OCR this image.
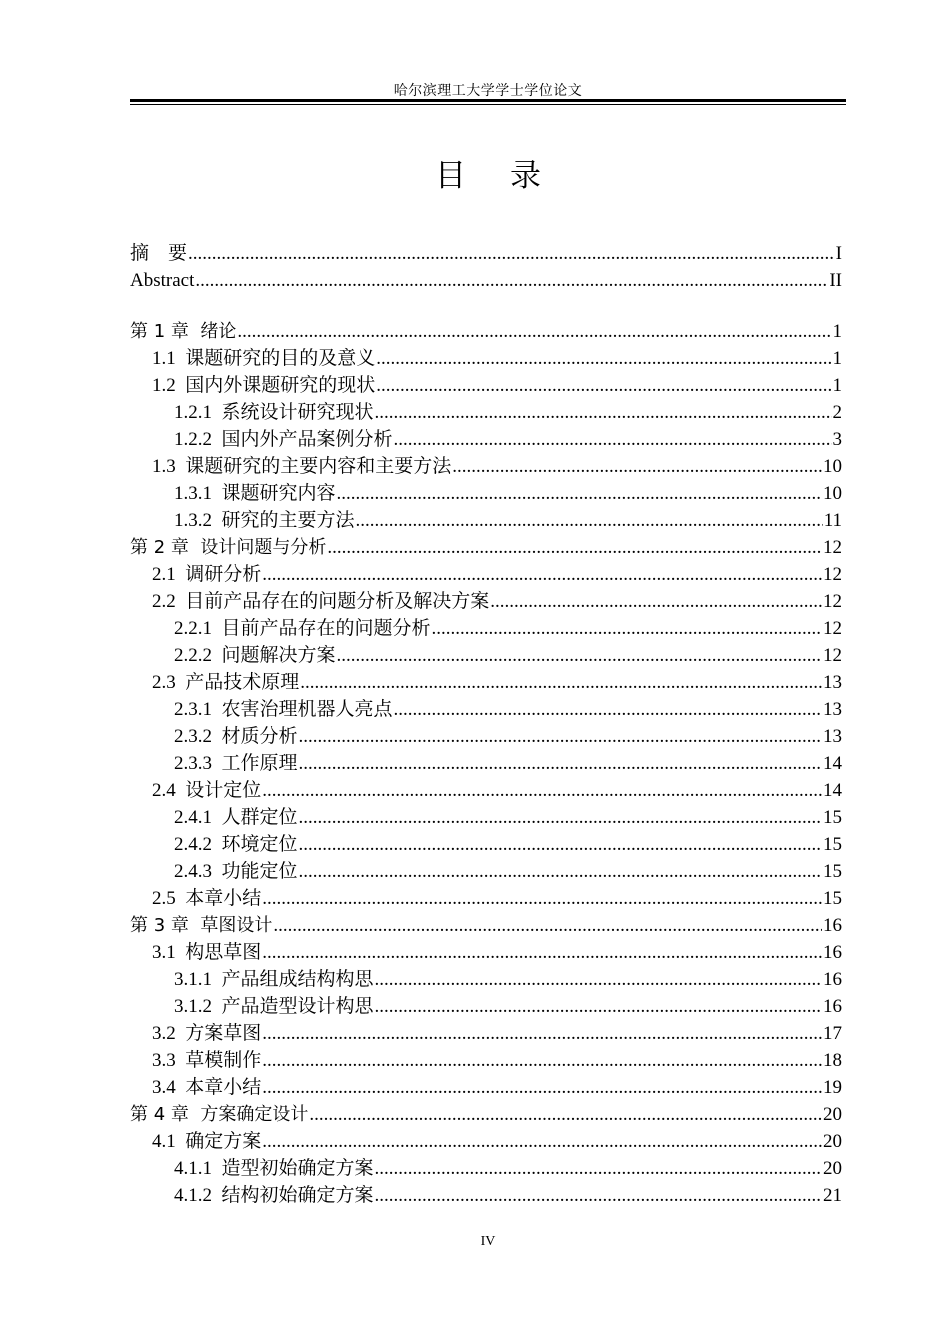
哈尔滨理工大学学士学位论文
目 录
摘    要 .....	I
Abstract .....	II
第 1 章  绪论 .....	1
1.1  课题研究的目的及意义 .....	1
1.2  国内外课题研究的现状 .....	1
1.2.1  系统设计研究现状 .....	2
1.2.2  国内外产品案例分析 .....	3
1.3  课题研究的主要内容和主要方法 .....	10
1.3.1  课题研究内容 .....	10
1.3.2  研究的主要方法 .....	11
第 2 章  设计问题与分析 .....	12
2.1  调研分析 .....	12
2.2  目前产品存在的问题分析及解决方案 .....	12
2.2.1  目前产品存在的问题分析 .....	12
2.2.2  问题解决方案 .....	12
2.3  产品技术原理 .....	13
2.3.1  农害治理机器人亮点 .....	13
2.3.2  材质分析 .....	13
2.3.3  工作原理 .....	14
2.4  设计定位 .....	14
2.4.1  人群定位 .....	15
2.4.2  环境定位 .....	15
2.4.3  功能定位 .....	15
2.5  本章小结 .....	15
第 3 章  草图设计 .....	16
3.1  构思草图 .....	16
3.1.1  产品组成结构构思 .....	16
3.1.2  产品造型设计构思 .....	16
3.2  方案草图 .....	17
3.3  草模制作 .....	18
3.4  本章小结 .....	19
第 4 章  方案确定设计 .....	20
4.1  确定方案 .....	20
4.1.1  造型初始确定方案 .....	20
4.1.2  结构初始确定方案 .....	21
IV
